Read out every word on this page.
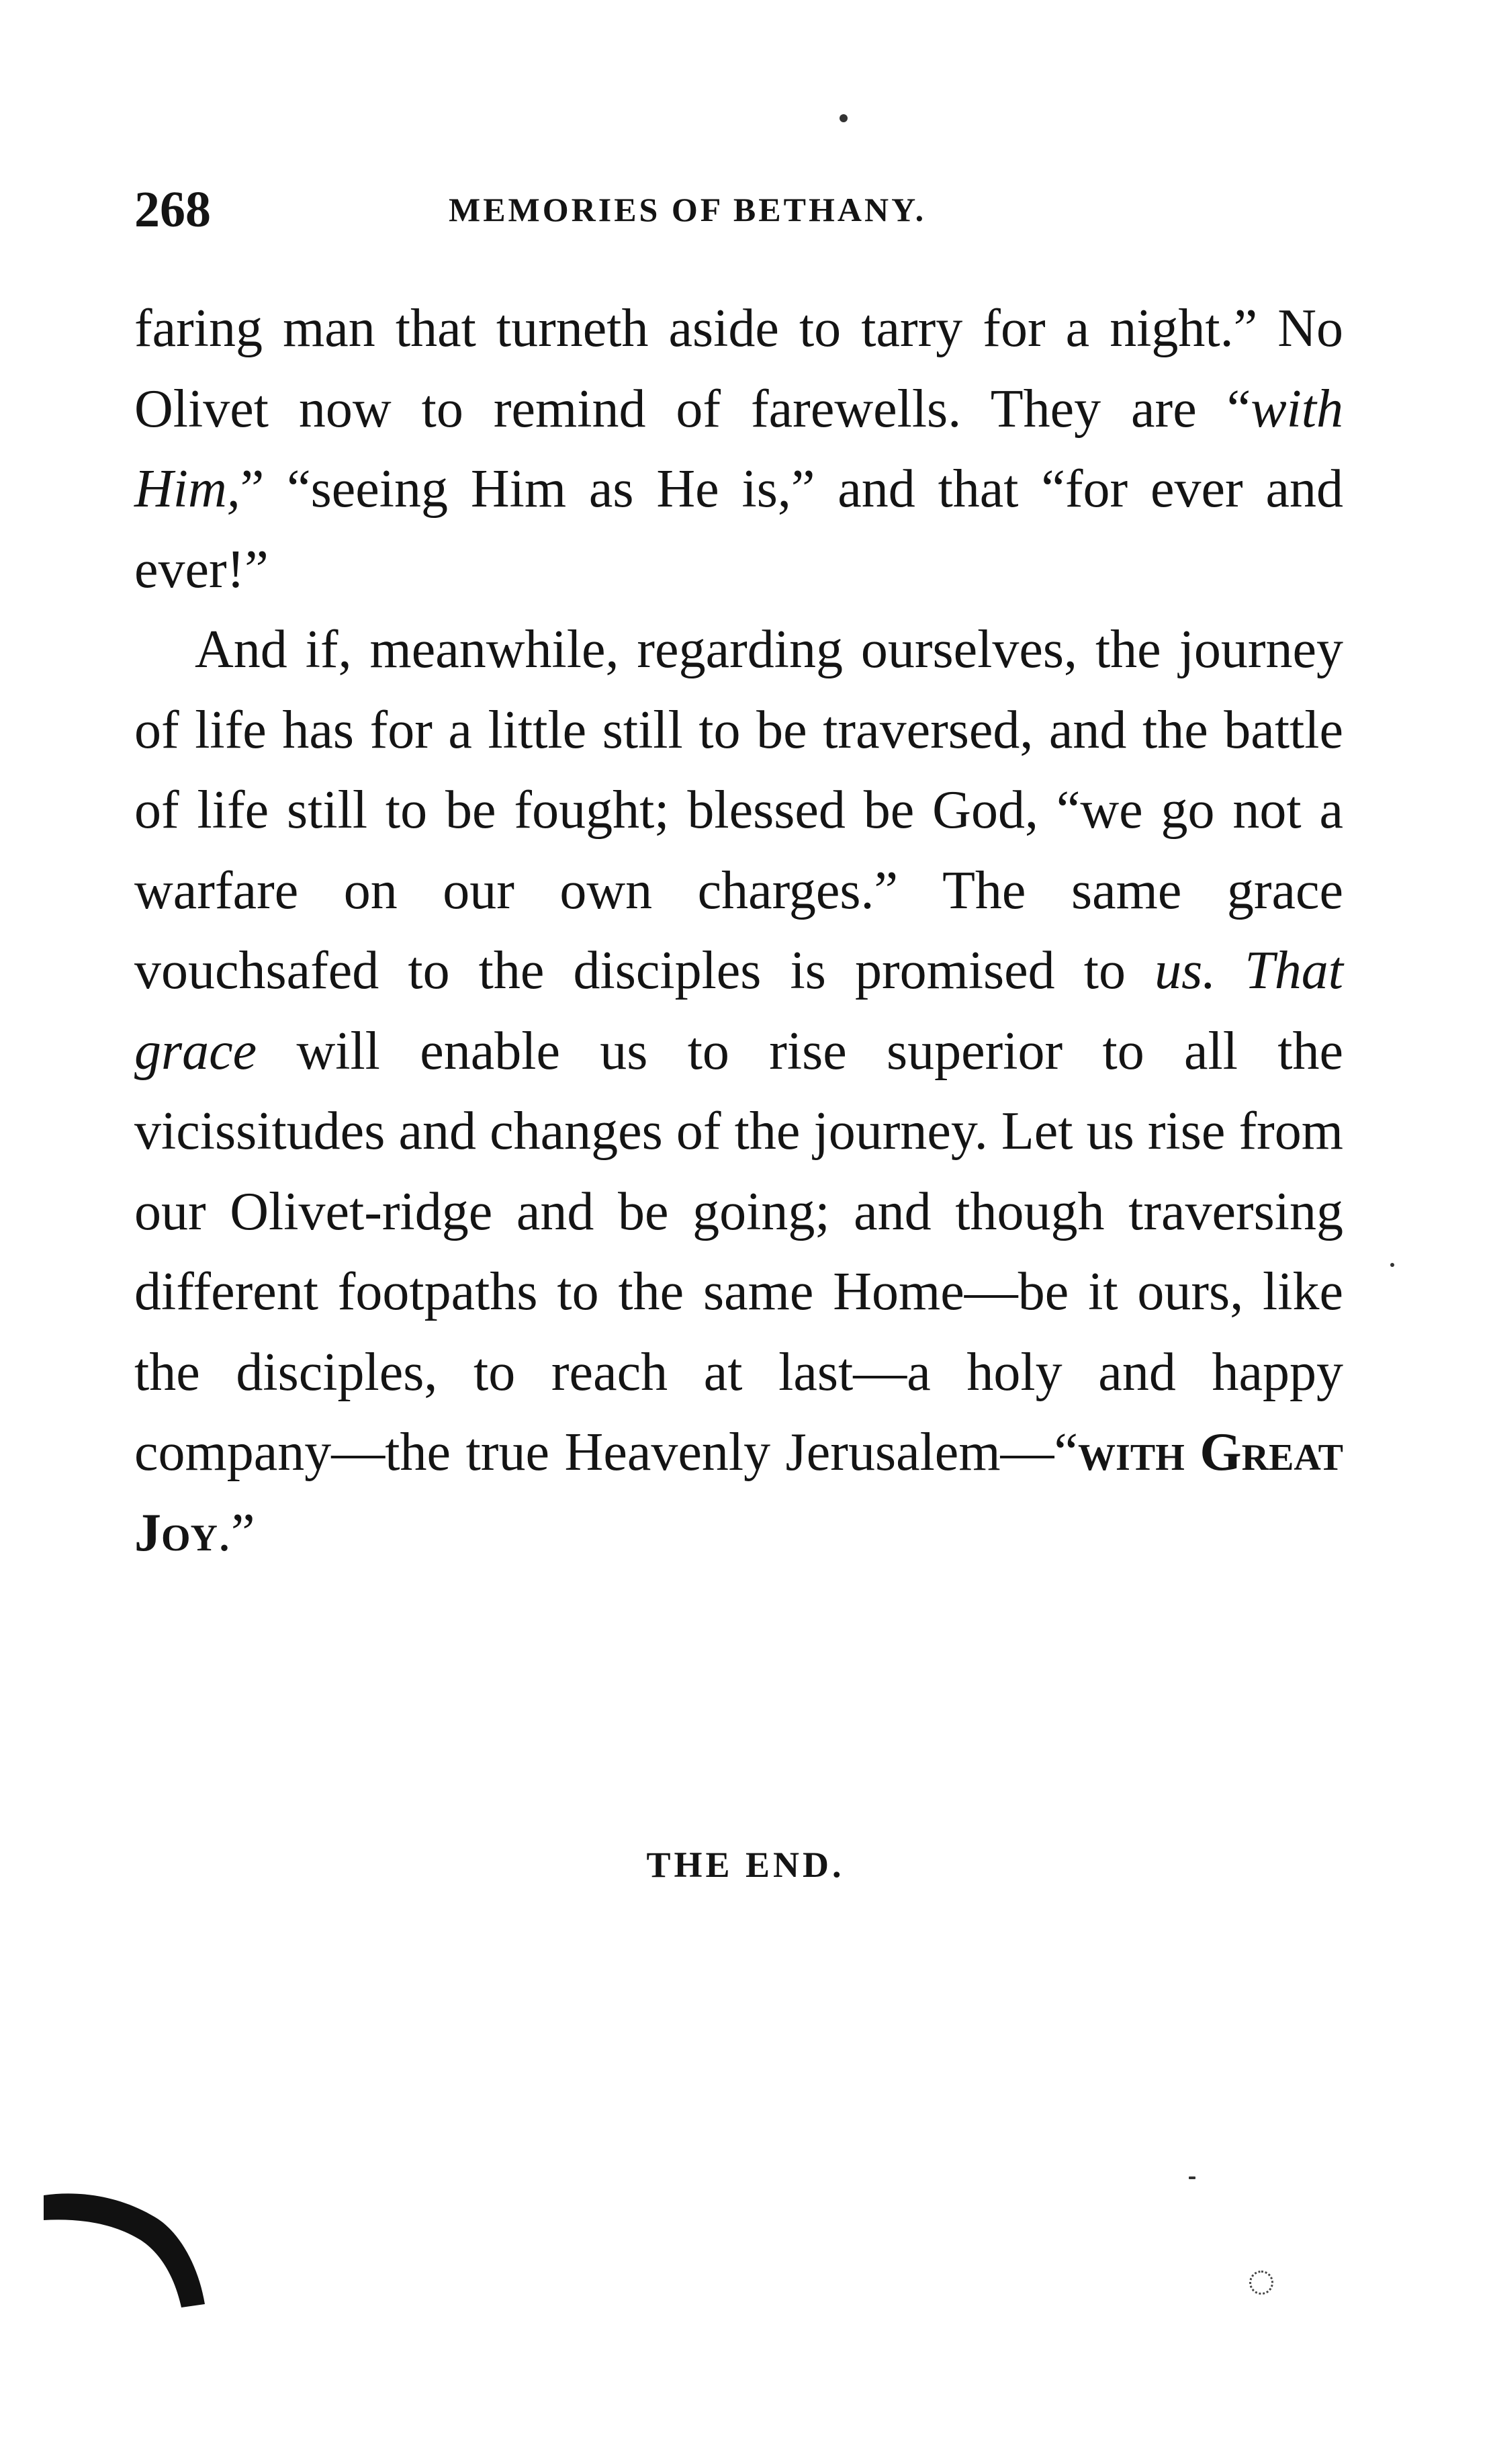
268	MEMORIES OF BETHANY.

faring man that turneth aside to tarry for a night.” No Olivet now to remind of farewells. They are “with Him,” “seeing Him as He is,” and that “for ever and ever!”

And if, meanwhile, regarding ourselves, the journey of life has for a little still to be traversed, and the battle of life still to be fought; blessed be God, “we go not a warfare on our own charges.” The same grace vouchsafed to the disciples is promised to us. That grace will enable us to rise superior to all the vicissitudes and changes of the journey. Let us rise from our Olivet-ridge and be going; and though traversing different footpaths to the same Home—be it ours, like the disciples, to reach at last—a holy and happy company—the true Heavenly Jerusalem—“with Great Joy.”

THE END.
